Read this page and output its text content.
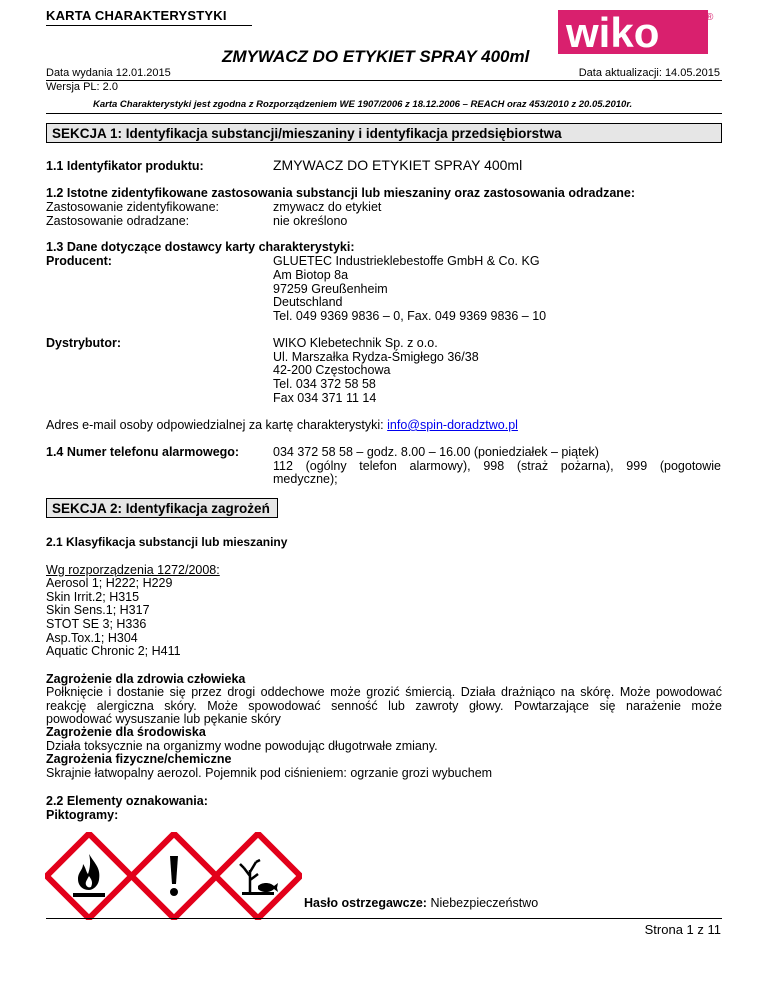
KARTA CHARAKTERYSTYKI	wiko	®
ZMYWACZ DO ETYKIET SPRAY 400ml
Data wydania 12.01.2015	Data aktualizacji: 14.05.2015
Wersja PL: 2.0
Karta Charakterystyki jest zgodna z Rozporządzeniem WE 1907/2006 z 18.12.2006 – REACH oraz 453/2010 z 20.05.2010r.
SEKCJA 1: Identyfikacja substancji/mieszaniny i identyfikacja przedsiębiorstwa
1.1 Identyfikator produktu:	ZMYWACZ DO ETYKIET SPRAY 400ml
1.2 Istotne zidentyfikowane zastosowania substancji lub mieszaniny oraz zastosowania odradzane:
Zastosowanie zidentyfikowane:	zmywacz do etykiet
Zastosowanie odradzane:	nie określono
1.3 Dane dotyczące dostawcy karty charakterystyki:
Producent:	GLUETEC Industrieklebestoffe GmbH & Co. KG
Am Biotop 8a
97259 Greußenheim
Deutschland
Tel. 049 9369 9836 – 0, Fax. 049 9369 9836 – 10
Dystrybutor:	WIKO Klebetechnik Sp. z o.o.
Ul. Marszałka Rydza-Śmigłego 36/38
42-200 Częstochowa
Tel. 034 372 58 58
Fax 034 371 11 14
Adres e-mail osoby odpowiedzialnej za kartę charakterystyki: info@spin-doradztwo.pl
1.4 Numer telefonu alarmowego:	034 372 58 58 – godz. 8.00 – 16.00 (poniedziałek – piątek)
112 (ogólny telefon alarmowy), 998 (straż pożarna), 999 (pogotowie
medyczne);
SEKCJA 2: Identyfikacja zagrożeń
2.1 Klasyfikacja substancji lub mieszaniny
Wg rozporządzenia 1272/2008:
Aerosol 1; H222; H229
Skin Irrit.2; H315
Skin Sens.1; H317
STOT SE 3; H336
Asp.Tox.1; H304
Aquatic Chronic 2; H411
Zagrożenie dla zdrowia człowieka
Połknięcie i dostanie się przez drogi oddechowe może grozić śmiercią. Działa drażniąco na skórę. Może powodować
reakcję alergiczna skóry. Może spowodować senność lub zawroty głowy. Powtarzające się narażenie może
powodować wysuszanie lub pękanie skóry
Zagrożenie dla środowiska
Działa toksycznie na organizmy wodne powodując długotrwałe zmiany.
Zagrożenia fizyczne/chemiczne
Skrajnie łatwopalny aerozol. Pojemnik pod ciśnieniem: ogrzanie grozi wybuchem
2.2 Elementy oznakowania:
Piktogramy:
Hasło ostrzegawcze: Niebezpieczeństwo
Strona 1 z 11
